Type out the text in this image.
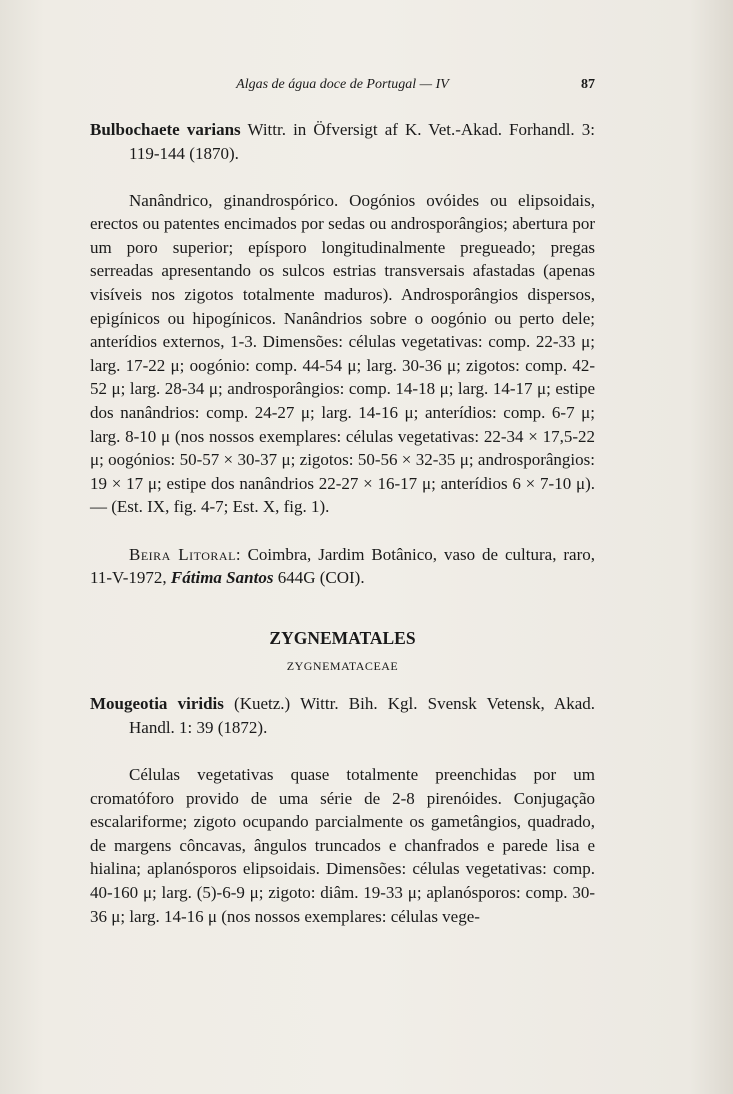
Algas de água doce de Portugal — IV	87

Bulbochaete varians Wittr. in Öfversigt af K. Vet.-Akad. Forhandl. 3: 119-144 (1870).

Nanândrico, ginandrospórico. Oogónios ovóides ou elipsoidais, erectos ou patentes encimados por sedas ou androsporângios; abertura por um poro superior; epísporo longitudinalmente pregueado; pregas serreadas apresentando os sulcos estrias transversais afastadas (apenas visíveis nos zigotos totalmente maduros). Androsporângios dispersos, epigínicos ou hipogínicos. Nanândrios sobre o oogónio ou perto dele; anterídios externos, 1-3. Dimensões: células vegetativas: comp. 22-33 μ; larg. 17-22 μ; oogónio: comp. 44-54 μ; larg. 30-36 μ; zigotos: comp. 42-52 μ; larg. 28-34 μ; androsporângios: comp. 14-18 μ; larg. 14-17 μ; estipe dos nanândrios: comp. 24-27 μ; larg. 14-16 μ; anterídios: comp. 6-7 μ; larg. 8-10 μ (nos nossos exemplares: células vegetativas: 22-34 × 17,5-22 μ; oogónios: 50-57 × 30-37 μ; zigotos: 50-56 × 32-35 μ; androsporângios: 19 × 17 μ; estipe dos nanândrios 22-27 × 16-17 μ; anterídios 6 × 7-10 μ). — (Est. IX, fig. 4-7; Est. X, fig. 1).

Beira Litoral: Coimbra, Jardim Botânico, vaso de cultura, raro, 11-V-1972, Fátima Santos 644G (COI).

ZYGNEMATALES

ZYGNEMATACEAE

Mougeotia viridis (Kuetz.) Wittr. Bih. Kgl. Svensk Vetensk, Akad. Handl. 1: 39 (1872).

Células vegetativas quase totalmente preenchidas por um cromatóforo provido de uma série de 2-8 pirenóides. Conjugação escalariforme; zigoto ocupando parcialmente os gametângios, quadrado, de margens côncavas, ângulos truncados e chanfrados e parede lisa e hialina; aplanósporos elipsoidais. Dimensões: células vegetativas: comp. 40-160 μ; larg. (5)-6-9 μ; zigoto: diâm. 19-33 μ; aplanósporos: comp. 30-36 μ; larg. 14-16 μ (nos nossos exemplares: células vege-
